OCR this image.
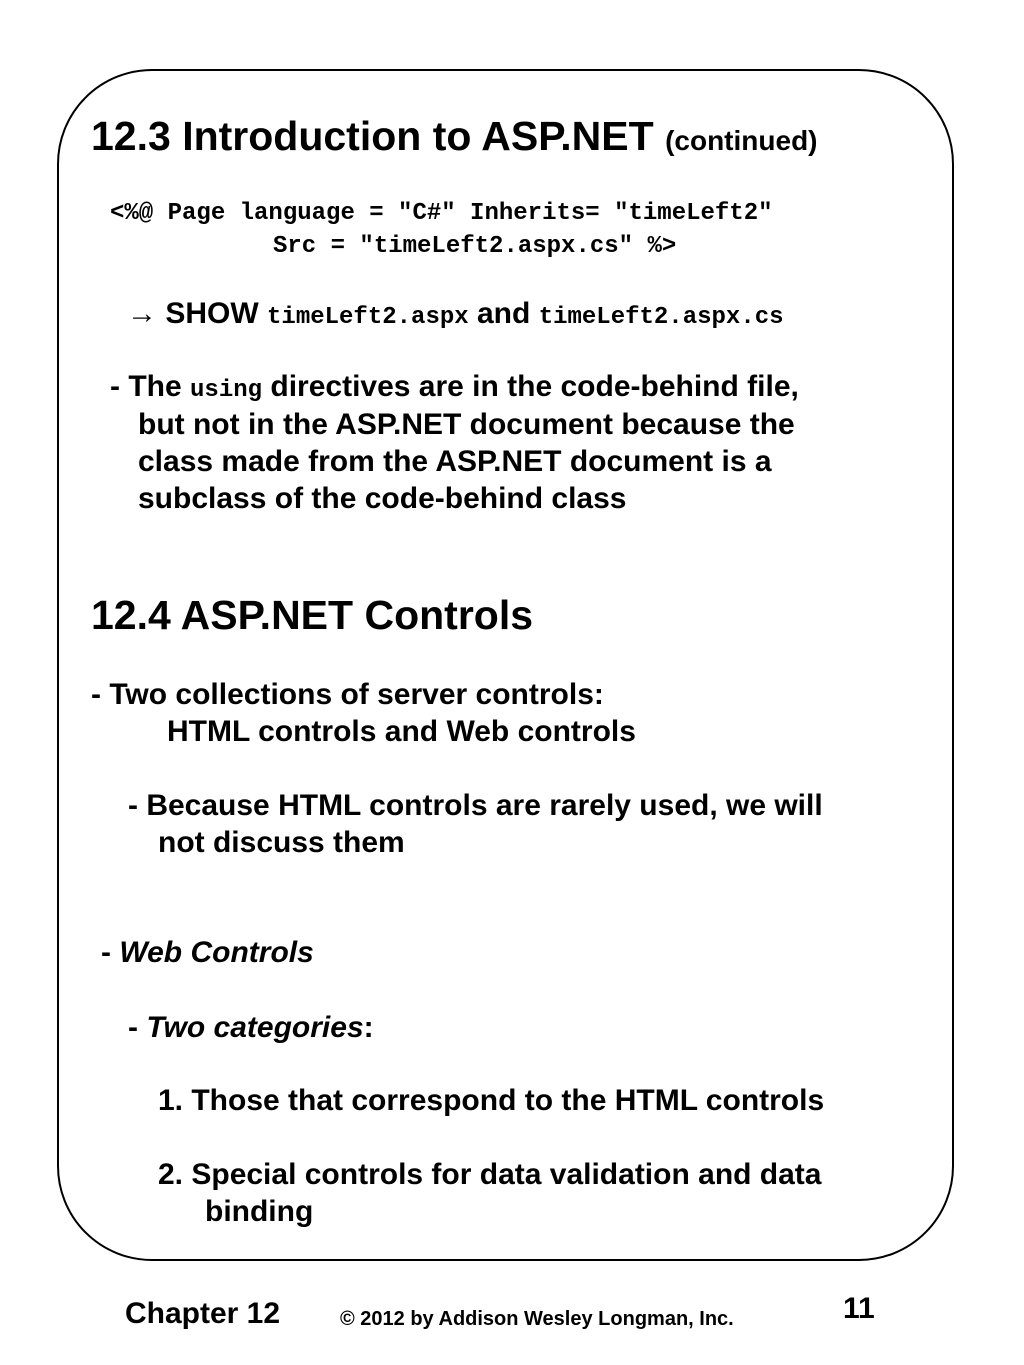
12.3 Introduction to ASP.NET (continued)
<%@ Page language = ″C#″ Inherits= ″timeLeft2″
Src = ″timeLeft2.aspx.cs″ %>
→ SHOW timeLeft2.aspx and timeLeft2.aspx.cs
- The using directives are in the code-behind file,
but not in the ASP.NET document because the
class made from the ASP.NET document is a
subclass of the code-behind class
12.4 ASP.NET Controls
- Two collections of server controls:
HTML controls and Web controls
- Because HTML controls are rarely used, we will
not discuss them
- Web Controls
- Two categories:
1. Those that correspond to the HTML controls
2. Special controls for data validation and data
binding
Chapter 12	© 2012 by Addison Wesley Longman, Inc.	11
